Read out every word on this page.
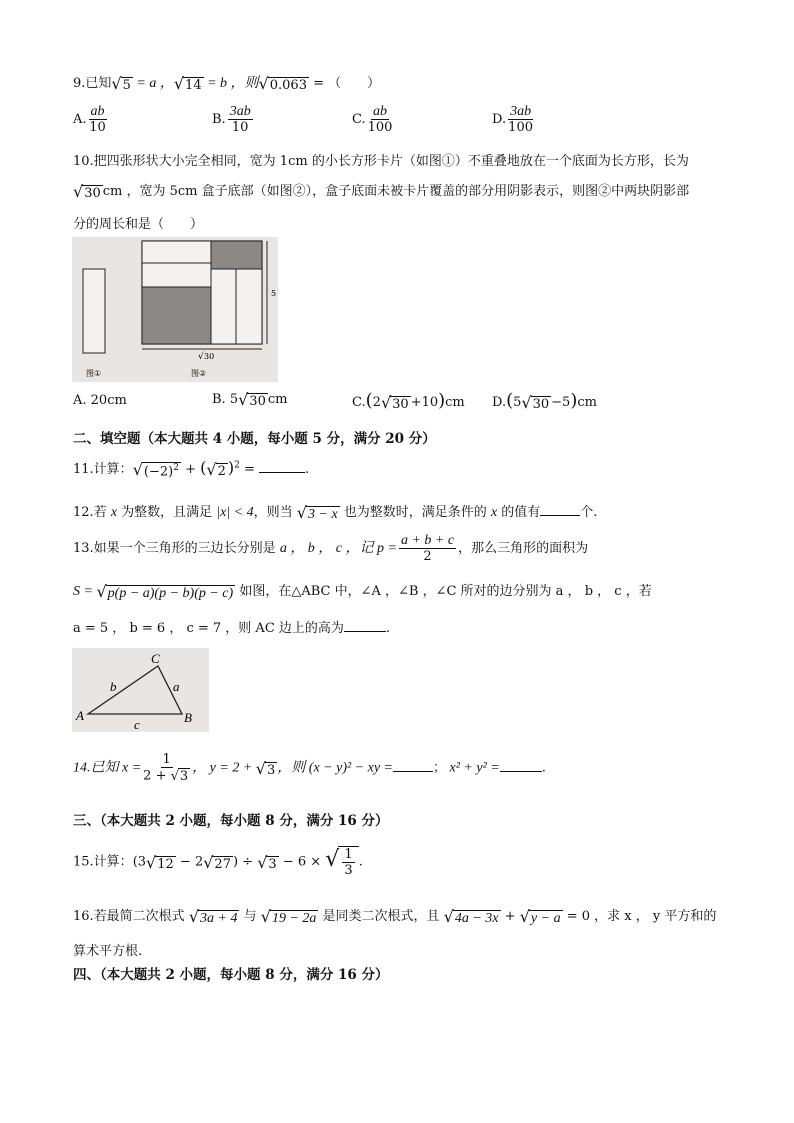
9.已知√5 = a ，√14 = b ，则√0.063 = （　　）
A. $\frac{ab}{10}$	B. $\frac{3ab}{10}$	C. $\frac{ab}{100}$	D. $\frac{3ab}{100}$
10.把四张形状大小完全相同，宽为 1cm 的小长方形卡片（如图①）不重叠地放在一个底面为长方形，长为
√30 cm ，宽为 5cm 盒子底部（如图②），盒子底面未被卡片覆盖的部分用阴影表示，则图②中两块阴影部
分的周长和是（　　）
5
√ 30
图①	图②
A. 20cm	B. 5√30 cm	C.(2√30 +10)cm D.(5√30 −5)cm
二、填空题（本大题共 4 小题，每小题 5 分，满分 20 分）
11.计算：$√(-2)^2 + (√2$ )$^2$ =	.
12.若 x 为整数，且满足 |x| < 4，则当 √3 − x 也为整数时，满足条件的 x 的值有	个.
13.如果一个三角形的三边长分别是 a ， b ， c ，记 $p = \frac{a + b + c}{2}$ ，那么三角形的面积为
S = √p(p − a)(p − b)(p − c) 如图，在△ABC 中，∠A ，∠B ，∠C 所对的边分别为 a ， b ， c ，若
a = 5 ， b = 6 ， c = 7 ，则 AC 边上的高为	.
A	B
C
b	a
c
14.已知 $x = \frac{1}{2 + √3}$ ， y = 2 + √3 ，则 (x − y)² − xy =	； x² + y² =	.
三、（本大题共 2 小题，每小题 8 分，满分 16 分）
15.计算：(3√12 − 2√27 ) ÷ √3 − 6 × √ $\frac{1}{3}$ .
16.若最简二次根式 √3a + 4 与 √19 − 2a 是同类二次根式，且 √4a − 3x + √y − a = 0 ，求 x ， y 平方和的
算术平方根.
四、（本大题共 2 小题，每小题 8 分，满分 16 分）
